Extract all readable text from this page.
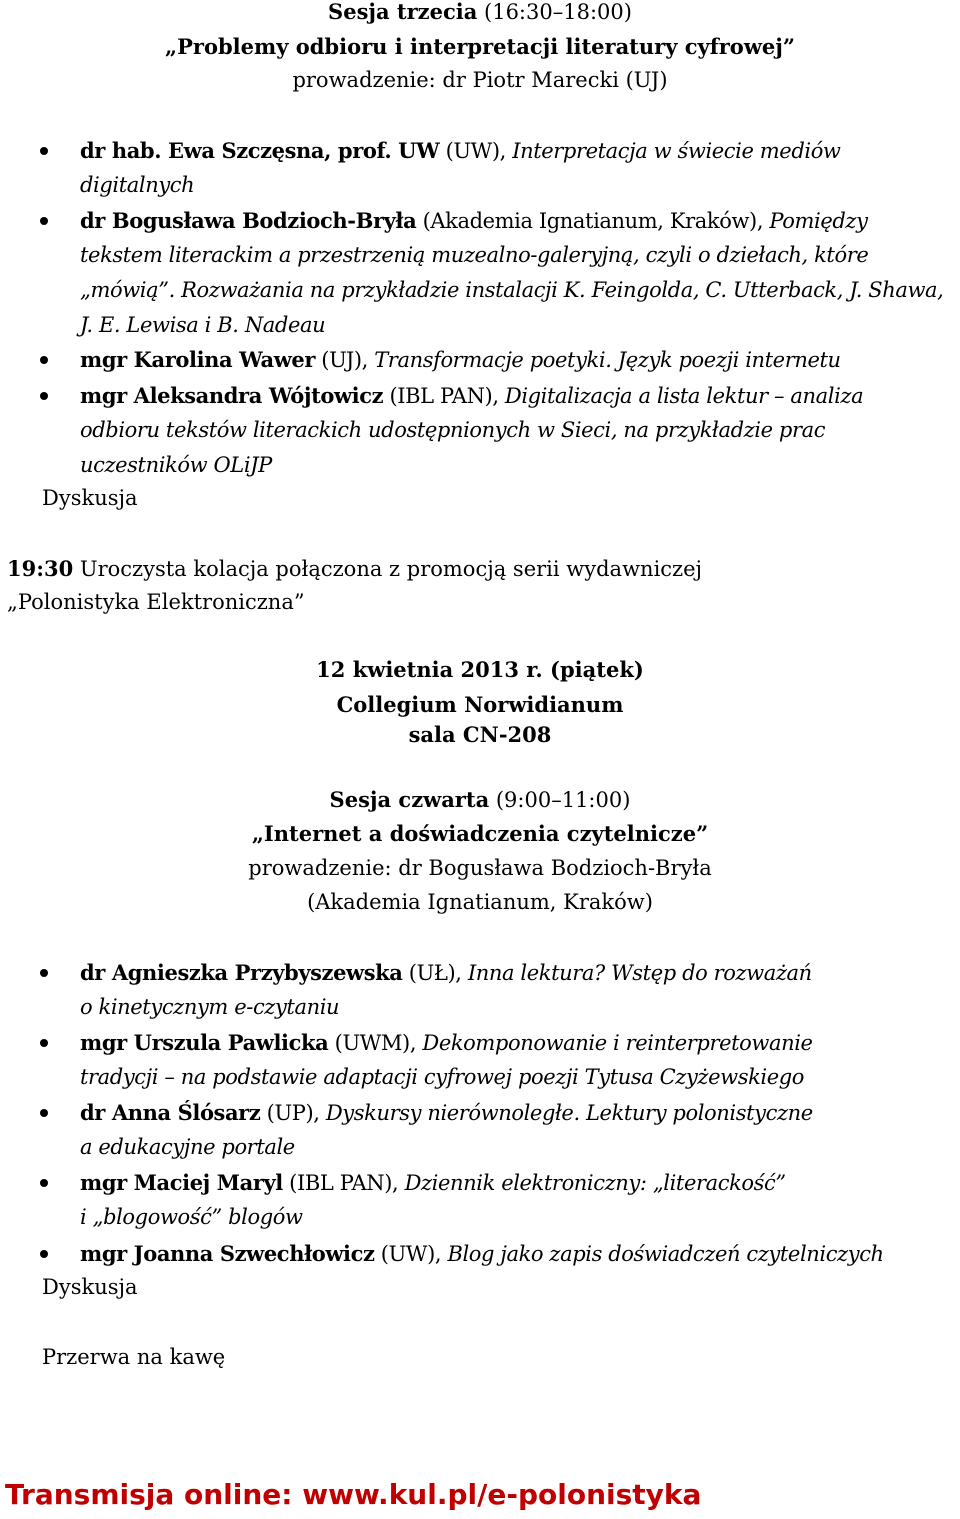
Sesja trzecia (16:30–18:00)
„Problemy odbioru i interpretacji literatury cyfrowej”
prowadzenie: dr Piotr Marecki (UJ)
dr hab. Ewa Szczęsna, prof. UW (UW), Interpretacja w świecie mediów
digitalnych
dr Bogusława Bodzioch-Bryła (Akademia Ignatianum, Kraków), Pomiędzy
tekstem literackim a przestrzenią muzealno-galeryjną, czyli o dziełach, które
„mówią”. Rozważania na przykładzie instalacji K. Feingolda, C. Utterback, J. Shawa,
J. E. Lewisa i B. Nadeau
mgr Karolina Wawer (UJ), Transformacje poetyki. Język poezji internetu
mgr Aleksandra Wójtowicz (IBL PAN), Digitalizacja a lista lektur – analiza
odbioru tekstów literackich udostępnionych w Sieci, na przykładzie prac
uczestników OLiJP
Dyskusja
19:30 Uroczysta kolacja połączona z promocją serii wydawniczej
„Polonistyka Elektroniczna”
12 kwietnia 2013 r. (piątek)
Collegium Norwidianum
sala CN-208
Sesja czwarta (9:00–11:00)
„Internet a doświadczenia czytelnicze”
prowadzenie: dr Bogusława Bodzioch-Bryła
(Akademia Ignatianum, Kraków)
dr Agnieszka Przybyszewska (UŁ), Inna lektura? Wstęp do rozważań
o kinetycznym e-czytaniu
mgr Urszula Pawlicka (UWM), Dekomponowanie i reinterpretowanie
tradycji – na podstawie adaptacji cyfrowej poezji Tytusa Czyżewskiego
dr Anna Ślósarz (UP), Dyskursy nierównoległe. Lektury polonistyczne
a edukacyjne portale
mgr Maciej Maryl (IBL PAN), Dziennik elektroniczny: „literackość”
i „blogowość” blogów
mgr Joanna Szwechłowicz (UW), Blog jako zapis doświadczeń czytelniczych
Dyskusja
Przerwa na kawę
Transmisja online: www.kul.pl/e-polonistyka
